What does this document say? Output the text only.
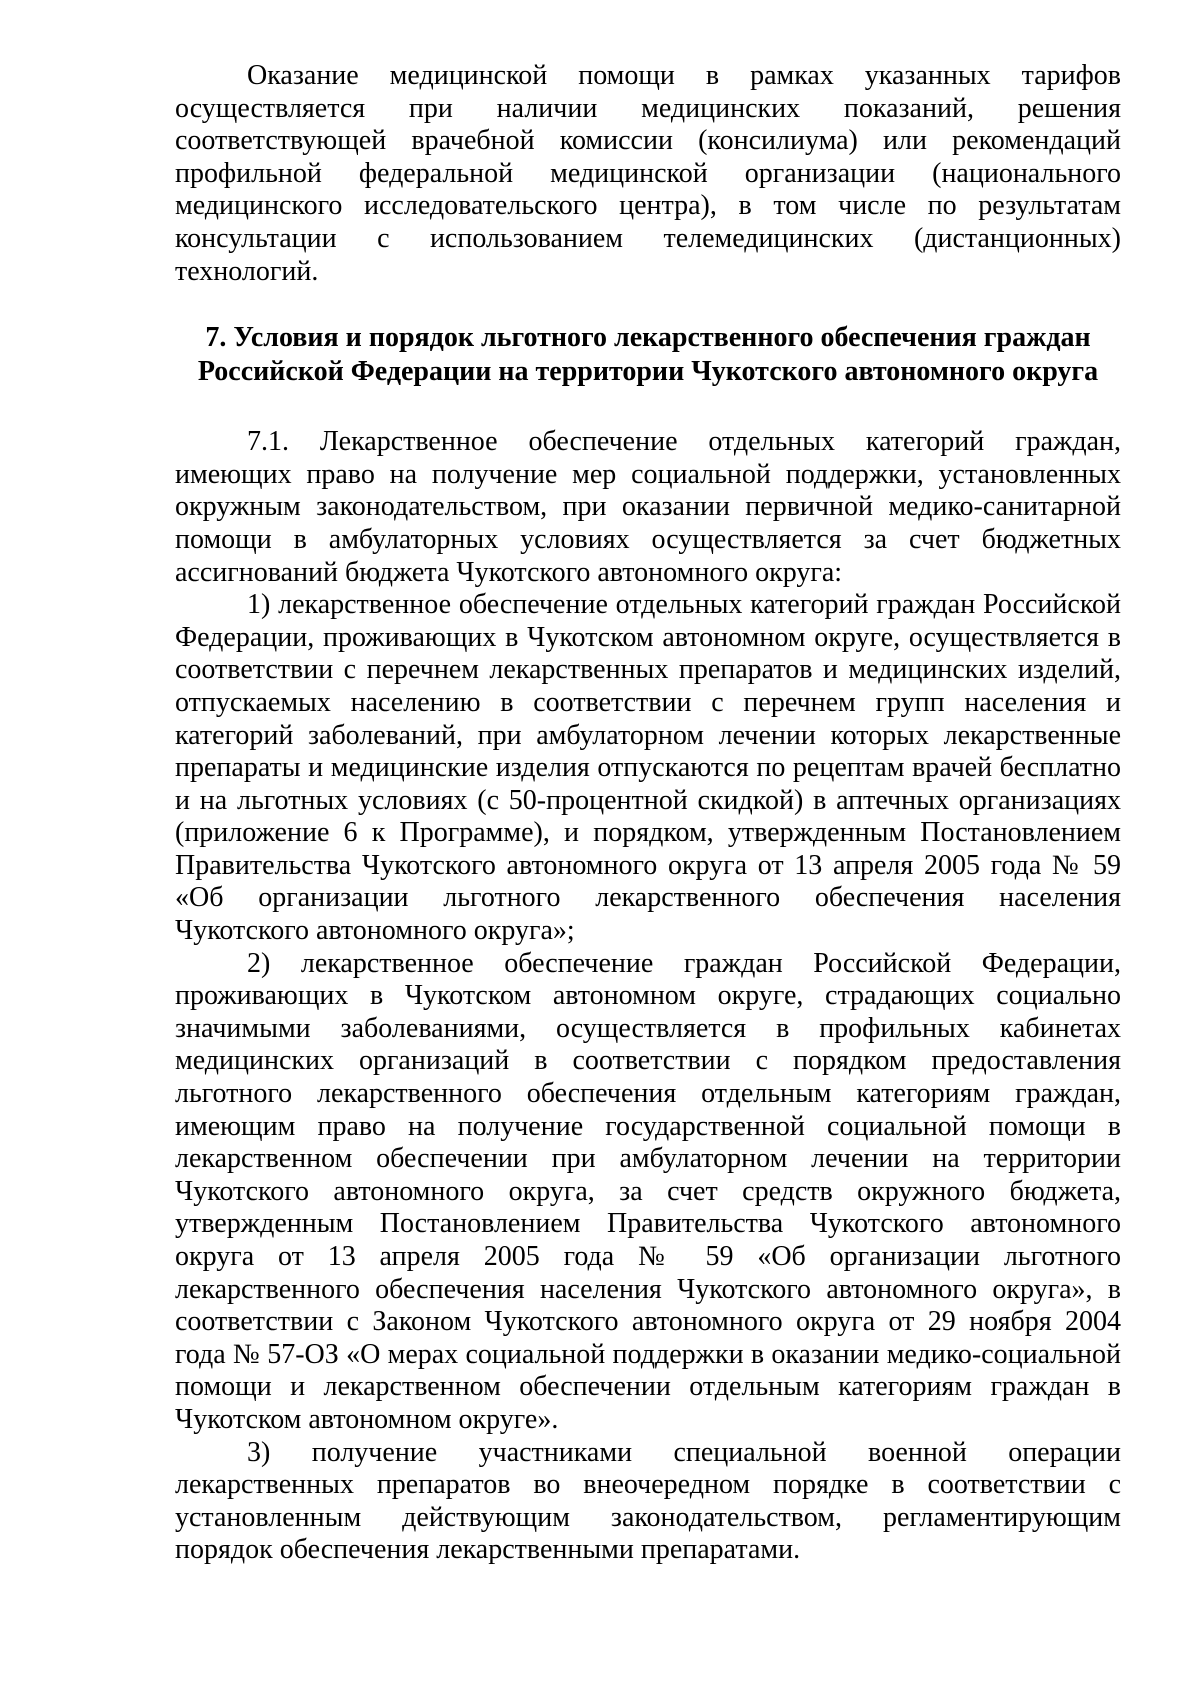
Оказание медицинской помощи в рамках указанных тарифов осуществляется при наличии медицинских показаний, решения соответствующей врачебной комиссии (консилиума) или рекомендаций профильной федеральной медицинской организации (национального медицинского исследовательского центра), в том числе по результатам консультации с использованием телемедицинских (дистанционных) технологий.

7. Условия и порядок льготного лекарственного обеспечения граждан Российской Федерации на территории Чукотского автономного округа

7.1. Лекарственное обеспечение отдельных категорий граждан, имеющих право на получение мер социальной поддержки, установленных окружным законодательством, при оказании первичной медико-санитарной помощи в амбулаторных условиях осуществляется за счет бюджетных ассигнований бюджета Чукотского автономного округа:

1) лекарственное обеспечение отдельных категорий граждан Российской Федерации, проживающих в Чукотском автономном округе, осуществляется в соответствии с перечнем лекарственных препаратов и медицинских изделий, отпускаемых населению в соответствии с перечнем групп населения и категорий заболеваний, при амбулаторном лечении которых лекарственные препараты и медицинские изделия отпускаются по рецептам врачей бесплатно и на льготных условиях (с 50-процентной скидкой) в аптечных организациях (приложение 6 к Программе), и порядком, утвержденным Постановлением Правительства Чукотского автономного округа от 13 апреля 2005 года № 59 «Об организации льготного лекарственного обеспечения населения Чукотского автономного округа»;

2) лекарственное обеспечение граждан Российской Федерации, проживающих в Чукотском автономном округе, страдающих социально значимыми заболеваниями, осуществляется в профильных кабинетах медицинских организаций в соответствии с порядком предоставления льготного лекарственного обеспечения отдельным категориям граждан, имеющим право на получение государственной социальной помощи в лекарственном обеспечении при амбулаторном лечении на территории Чукотского автономного округа, за счет средств окружного бюджета, утвержденным Постановлением Правительства Чукотского автономного округа от 13 апреля 2005 года № 59 «Об организации льготного лекарственного обеспечения населения Чукотского автономного округа», в соответствии с Законом Чукотского автономного округа от 29 ноября 2004 года № 57-ОЗ «О мерах социальной поддержки в оказании медико-социальной помощи и лекарственном обеспечении отдельным категориям граждан в Чукотском автономном округе».

3) получение участниками специальной военной операции лекарственных препаратов во внеочередном порядке в соответствии с установленным действующим законодательством, регламентирующим порядок обеспечения лекарственными препаратами.
